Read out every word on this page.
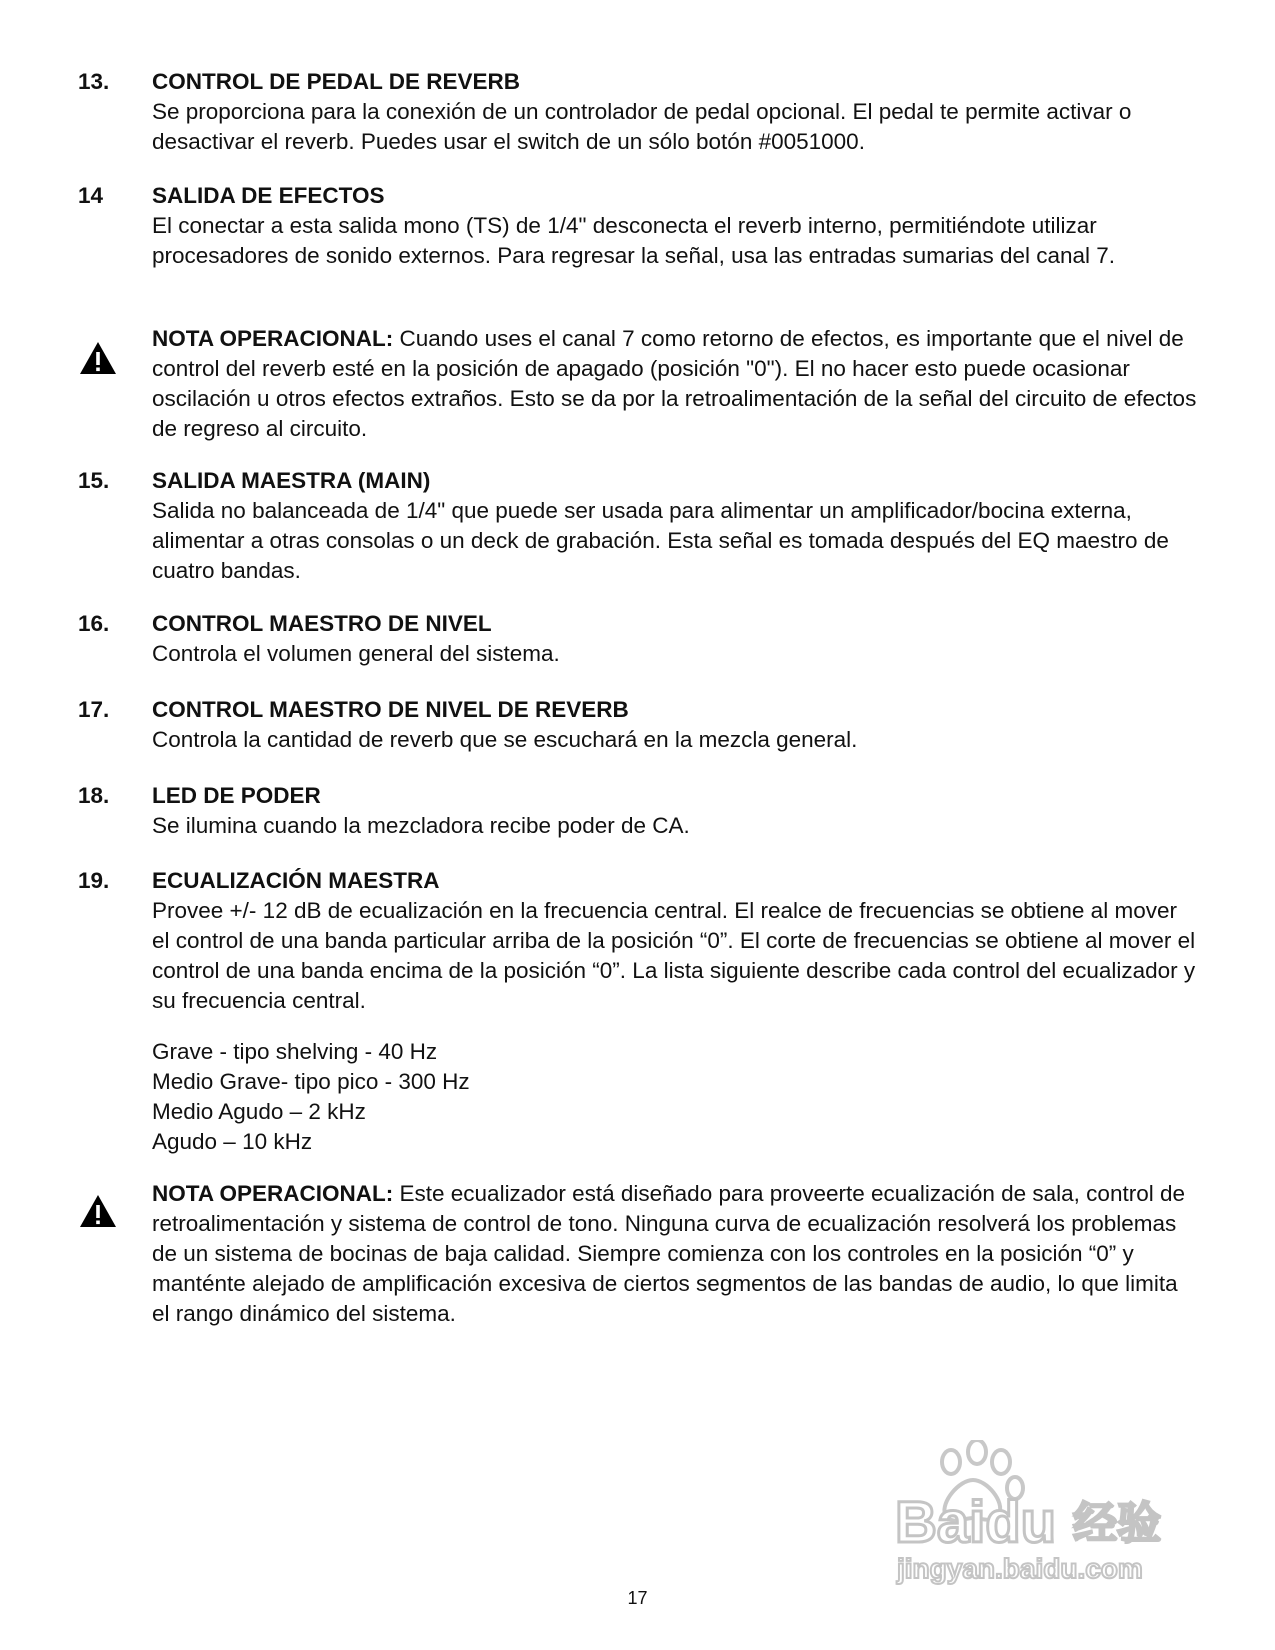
13. CONTROL DE PEDAL DE REVERB
Se proporciona para la conexión de un controlador de pedal opcional. El pedal te permite activar o desactivar el reverb. Puedes usar el switch de un sólo botón #0051000.
14 SALIDA DE EFECTOS
El conectar a esta salida mono (TS) de 1/4" desconecta el reverb interno, permitiéndote utilizar procesadores de sonido externos. Para regresar la señal, usa las entradas sumarias del canal 7.
NOTA OPERACIONAL: Cuando uses el canal 7 como retorno de efectos, es importante que el nivel de control del reverb esté en la posición de apagado (posición "0"). El no hacer esto puede ocasionar oscilación u otros efectos extraños. Esto se da por la retroalimentación de la señal del circuito de efectos de regreso al circuito.
15. SALIDA MAESTRA (MAIN)
Salida no balanceada de 1/4" que puede ser usada para alimentar un amplificador/bocina externa, alimentar a otras consolas o un deck de grabación. Esta señal es tomada después del EQ maestro de cuatro bandas.
16. CONTROL MAESTRO DE NIVEL
Controla el volumen general del sistema.
17. CONTROL MAESTRO DE NIVEL DE REVERB
Controla la cantidad de reverb que se escuchará en la mezcla general.
18. LED DE PODER
Se ilumina cuando la mezcladora recibe poder de CA.
19. ECUALIZACIÓN MAESTRA
Provee +/- 12 dB de ecualización en la frecuencia central. El realce de frecuencias se obtiene al mover el control de una banda particular arriba de la posición “0”. El corte de frecuencias se obtiene al mover el control de una banda encima de la posición “0”. La lista siguiente describe cada control del ecualizador y su frecuencia central.
Grave - tipo shelving - 40 Hz
Medio Grave- tipo pico - 300 Hz
Medio Agudo – 2 kHz
Agudo – 10 kHz
NOTA OPERACIONAL: Este ecualizador está diseñado para proveerte ecualización de sala, control de retroalimentación y sistema de control de tono. Ninguna curva de ecualización resolverá los problemas de un sistema de bocinas de baja calidad. Siempre comienza con los controles en la posición “0” y manténte alejado de amplificación excesiva de ciertos segmentos de las bandas de audio, lo que limita el rango dinámico del sistema.
Baidu 经验
jingyan.baidu.com
17
